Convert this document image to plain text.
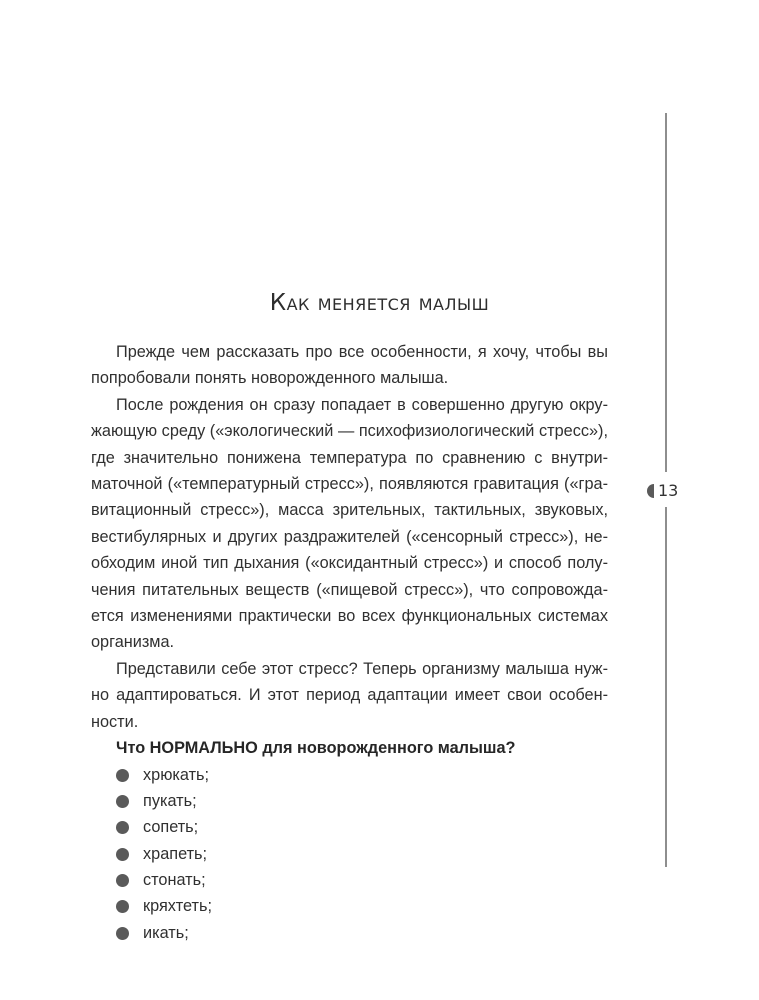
Как меняется малыш

Прежде чем рассказать про все особенности, я хочу, чтобы вы попробовали понять новорожденного малыша.

После рождения он сразу попадает в совершенно другую окружающую среду («экологический — психофизиологический стресс»), где значительно понижена температура по сравнению с внутриматочной («температурный стресс»), появляются гравитация («гравитационный стресс»), масса зрительных, тактильных, звуковых, вестибулярных и других раздражителей («сенсорный стресс»), необходим иной тип дыхания («оксидантный стресс») и способ получения питательных веществ («пищевой стресс»), что сопровождается изменениями практически во всех функциональных системах организма.

Представили себе этот стресс? Теперь организму малыша нужно адаптироваться. И этот период адаптации имеет свои особенности.

Что НОРМАЛЬНО для новорожденного малыша?

хрюкать;
пукать;
сопеть;
храпеть;
стонать;
кряхтеть;
икать;
13
